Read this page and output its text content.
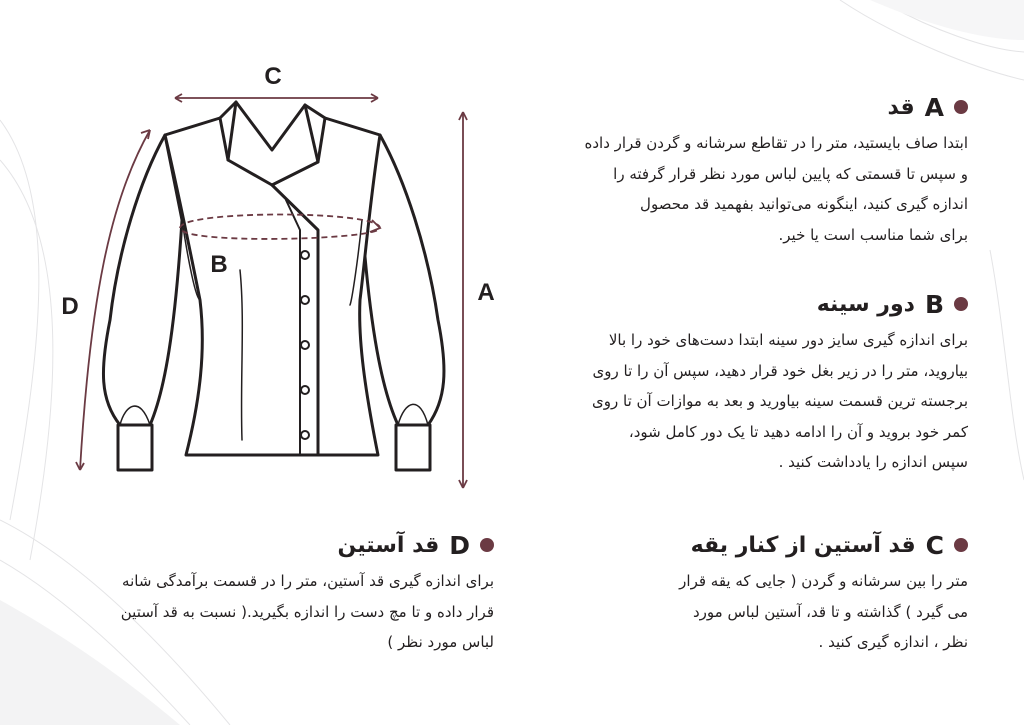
C
B
A
D
A
قد
ابتدا صاف بایستید، متر را در تقاطع سرشانه و گردن قرار داده
و سپس تا قسمتی که پایین لباس مورد نظر قرار گرفته را
اندازه گیری کنید، اینگونه می‌توانید بفهمید قد محصول
برای شما مناسب است یا خیر.
B
دور سینه
برای اندازه گیری سایز دور سینه ابتدا دست‌های خود را بالا
بیاروید، متر را در زیر بغل خود قرار دهید، سپس آن را تا روی
برجسته ترین قسمت سینه بیاورید و بعد به موازات آن تا روی
کمر خود بروید و آن را ادامه دهید تا یک دور کامل شود،
سپس اندازه را یادداشت کنید .
C
قد آستین از کنار یقه
متر را بین سرشانه و گردن ( جایی که یقه قرار
می گیرد ) گذاشته و تا قد، آستین لباس مورد
نظر ، اندازه گیری کنید .
D
قد آستین
برای اندازه گیری قد آستین، متر را در قسمت برآمدگی شانه
قرار داده و تا مچ دست را اندازه بگیرید.( نسبت به قد آستین
لباس مورد نظر )
